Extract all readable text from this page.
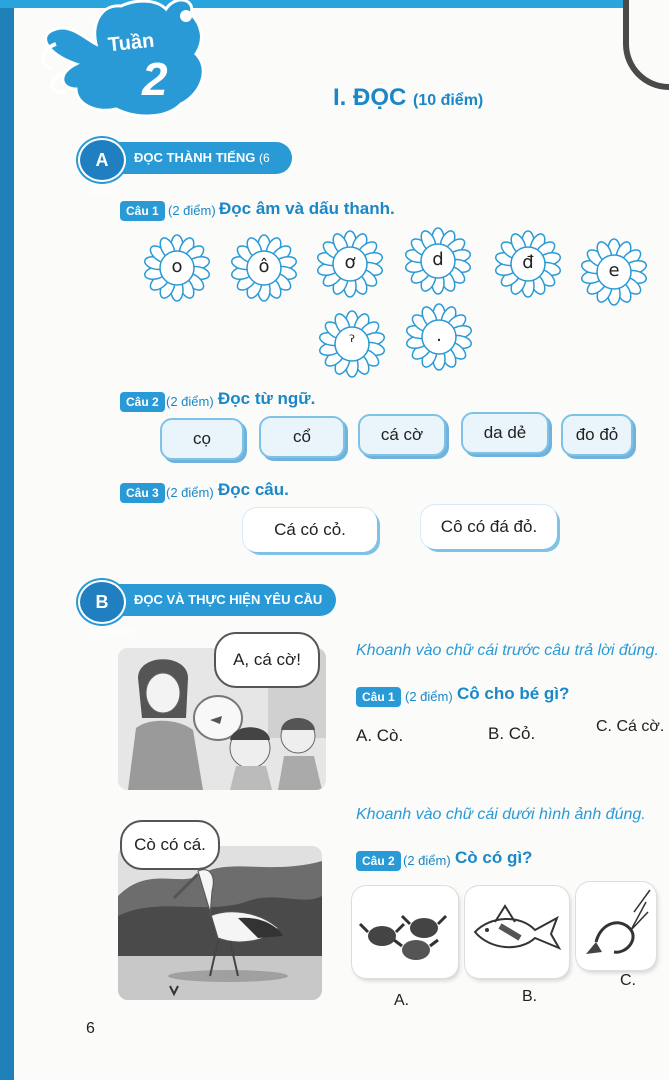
Tuần
2	I. ĐỌC (10 điểm)
ĐỌC THÀNH TIẾNG (6 điểm)
A
Câu 1 (2 điểm) Đọc âm và dấu thanh.
o	ô	ơ	d	đ	e
ˀ	.
Câu 2 (2 điểm) Đọc từ ngữ.
cọ	cổ	cá cờ	da dẻ	đo đỏ
Câu 3 (2 điểm) Đọc câu.
Cá có cỏ.	Cô có đá đỏ.
ĐỌC VÀ THỰC HIỆN YÊU CẦU (4 điểm)
B
A, cá cờ!	Khoanh vào chữ cái trước câu trả lời đúng.
Câu 1 (2 điểm) Cô cho bé gì?
A. Cò.	B. Cỏ.	C. Cá cờ.
Cò có cá.
Khoanh vào chữ cái dưới hình ảnh đúng.
Câu 2 (2 điểm) Cò có gì?
A.	B.
C.
6
